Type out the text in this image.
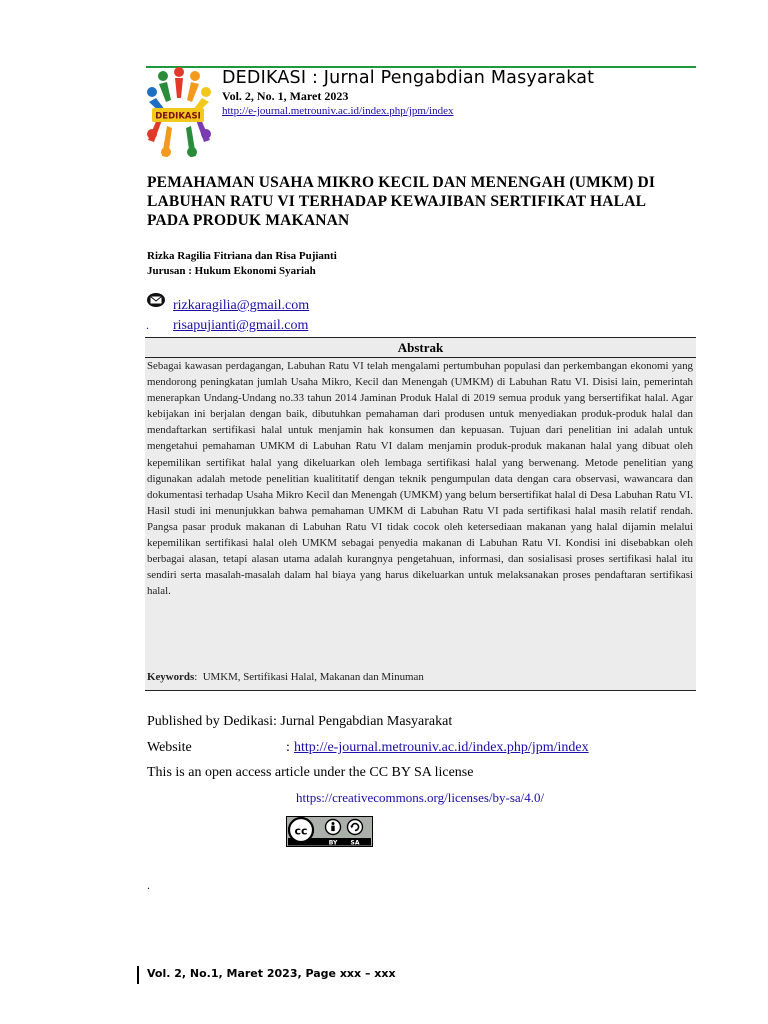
DEDIKASI
DEDIKASI : Jurnal Pengabdian Masyarakat
Vol. 2, No. 1, Maret 2023
http://e-journal.metrouniv.ac.id/index.php/jpm/index
PEMAHAMAN USAHA MIKRO KECIL DAN MENENGAH (UMKM) DI LABUHAN RATU VI TERHADAP KEWAJIBAN SERTIFIKAT HALAL PADA PRODUK MAKANAN
Rizka Ragilia Fitriana dan Risa Pujianti
Jurusan : Hukum Ekonomi Syariah
rizkaragilia@gmail.com
. risapujianti@gmail.com
Abstrak
Sebagai kawasan perdagangan, Labuhan Ratu VI telah mengalami pertumbuhan populasi dan perkembangan ekonomi yang mendorong peningkatan jumlah Usaha Mikro, Kecil dan Menengah (UMKM) di Labuhan Ratu VI. Disisi lain, pemerintah menerapkan Undang-Undang no.33 tahun 2014 Jaminan Produk Halal di 2019 semua produk yang bersertifikat halal. Agar kebijakan ini berjalan dengan baik, dibutuhkan pemahaman dari produsen untuk menyediakan produk-produk halal dan mendaftarkan sertifikasi halal untuk menjamin hak konsumen dan kepuasan. Tujuan dari penelitian ini adalah untuk mengetahui pemahaman UMKM di Labuhan Ratu VI dalam menjamin produk-produk makanan halal yang dibuat oleh kepemilikan sertifikat halal yang dikeluarkan oleh lembaga sertifikasi halal yang berwenang. Metode penelitian yang digunakan adalah metode penelitian kualititatif dengan teknik pengumpulan data dengan cara observasi, wawancara dan dokumentasi terhadap Usaha Mikro Kecil dan Menengah (UMKM) yang belum bersertifikat halal di Desa Labuhan Ratu VI. Hasil studi ini menunjukkan bahwa pemahaman UMKM di Labuhan Ratu VI pada sertifikasi halal masih relatif rendah. Pangsa pasar produk makanan di Labuhan Ratu VI tidak cocok oleh ketersediaan makanan yang halal dijamin melalui kepemilikan sertifikasi halal oleh UMKM sebagai penyedia makanan di Labuhan Ratu VI. Kondisi ini disebabkan oleh berbagai alasan, tetapi alasan utama adalah kurangnya pengetahuan, informasi, dan sosialisasi proses sertifikasi halal itu sendiri serta masalah-masalah dalam hal biaya yang harus dikeluarkan untuk melaksanakan proses pendaftaran sertifikasi halal.
Keywords: UMKM, Sertifikasi Halal, Makanan dan Minuman
Published by Dedikasi: Jurnal Pengabdian Masyarakat
Website	: http://e-journal.metrouniv.ac.id/index.php/jpm/index
This is an open access article under the CC BY SA license
https://creativecommons.org/licenses/by-sa/4.0/
cc
BY SA
.
Vol. 2, No.1, Maret 2023, Page xxx – xxx
